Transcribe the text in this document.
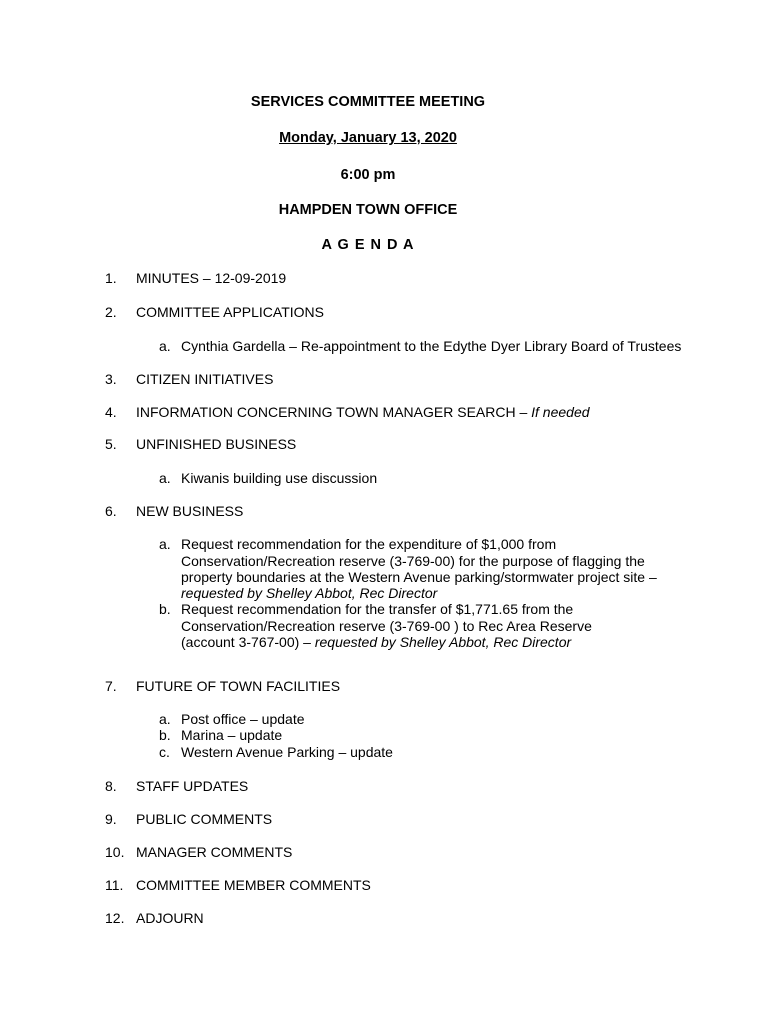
SERVICES COMMITTEE MEETING
Monday, January 13, 2020
6:00 pm
HAMPDEN TOWN OFFICE
A G E N D A
1. MINUTES – 12-09-2019
2. COMMITTEE APPLICATIONS
a. Cynthia Gardella – Re-appointment to the Edythe Dyer Library Board of Trustees
3. CITIZEN INITIATIVES
4. INFORMATION CONCERNING TOWN MANAGER SEARCH – If needed
5. UNFINISHED BUSINESS
a. Kiwanis building use discussion
6. NEW BUSINESS
a. Request recommendation for the expenditure of $1,000 from
Conservation/Recreation reserve (3-769-00) for the purpose of flagging the
property boundaries at the Western Avenue parking/stormwater project site –
requested by Shelley Abbot, Rec Director
b. Request recommendation for the transfer of $1,771.65 from the
Conservation/Recreation reserve (3-769-00 ) to Rec Area Reserve
(account 3-767-00) – requested by Shelley Abbot, Rec Director
7. FUTURE OF TOWN FACILITIES
a. Post office – update
b. Marina – update
c. Western Avenue Parking – update
8. STAFF UPDATES
9. PUBLIC COMMENTS
10. MANAGER COMMENTS
11. COMMITTEE MEMBER COMMENTS
12. ADJOURN
